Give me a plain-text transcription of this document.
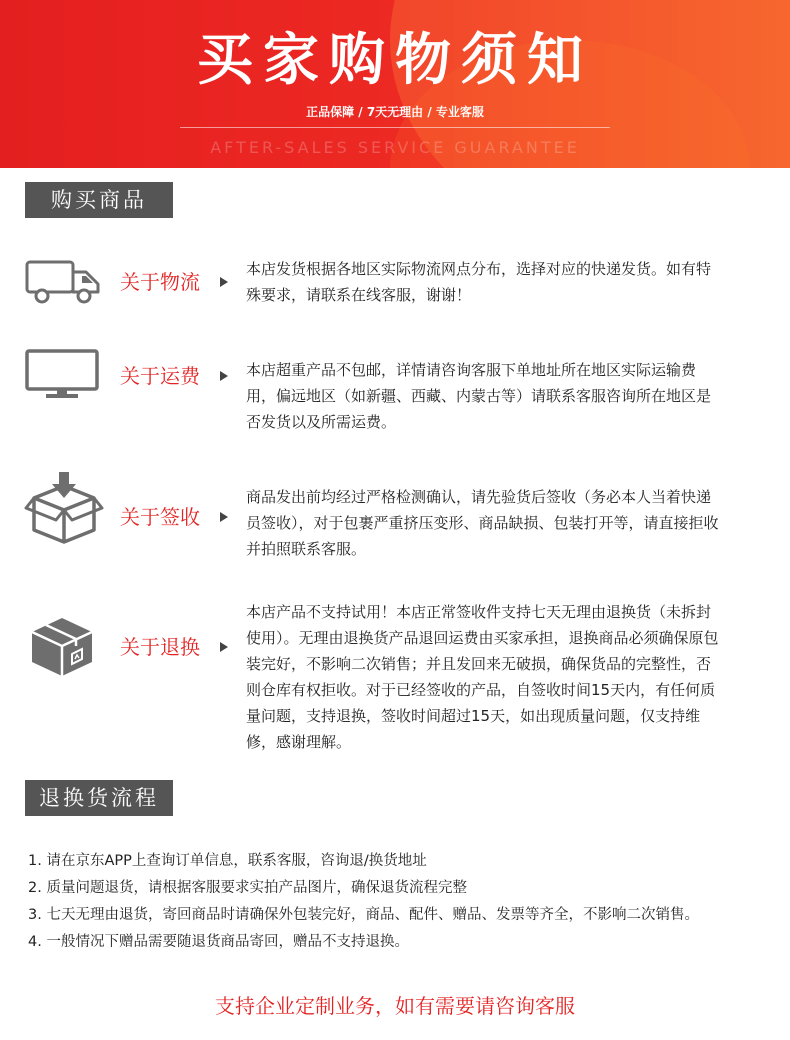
买家购物须知
正品保障 / 7天无理由 / 专业客服
AFTER-SALES SERVICE GUARANTEE
购买商品
关于物流
本店发货根据各地区实际物流网点分布，选择对应的快递发货。如有特殊要求，请联系在线客服，谢谢！
关于运费	本店超重产品不包邮，详情请咨询客服下单地址所在地区实际运输费用，偏远地区（如新疆、西藏、内蒙古等）请联系客服咨询所在地区是否发货以及所需运费。
关于签收
商品发出前均经过严格检测确认，请先验货后签收（务必本人当着快递员签收），对于包裹严重挤压变形、商品缺损、包装打开等，请直接拒收并拍照联系客服。
关于退换
本店产品不支持试用！本店正常签收件支持七天无理由退换货（未拆封使用）。无理由退换货产品退回运费由买家承担，退换商品必须确保原包装完好，不影响二次销售；并且发回来无破损，确保货品的完整性，否则仓库有权拒收。对于已经签收的产品，自签收时间15天内，有任何质量问题，支持退换，签收时间超过15天，如出现质量问题，仅支持维修，感谢理解。
退换货流程
1. 请在京东APP上查询订单信息，联系客服，咨询退/换货地址
2. 质量问题退货，请根据客服要求实拍产品图片，确保退货流程完整
3. 七天无理由退货，寄回商品时请确保外包装完好，商品、配件、赠品、发票等齐全，不影响二次销售。
4. 一般情况下赠品需要随退货商品寄回，赠品不支持退换。
支持企业定制业务，如有需要请咨询客服
